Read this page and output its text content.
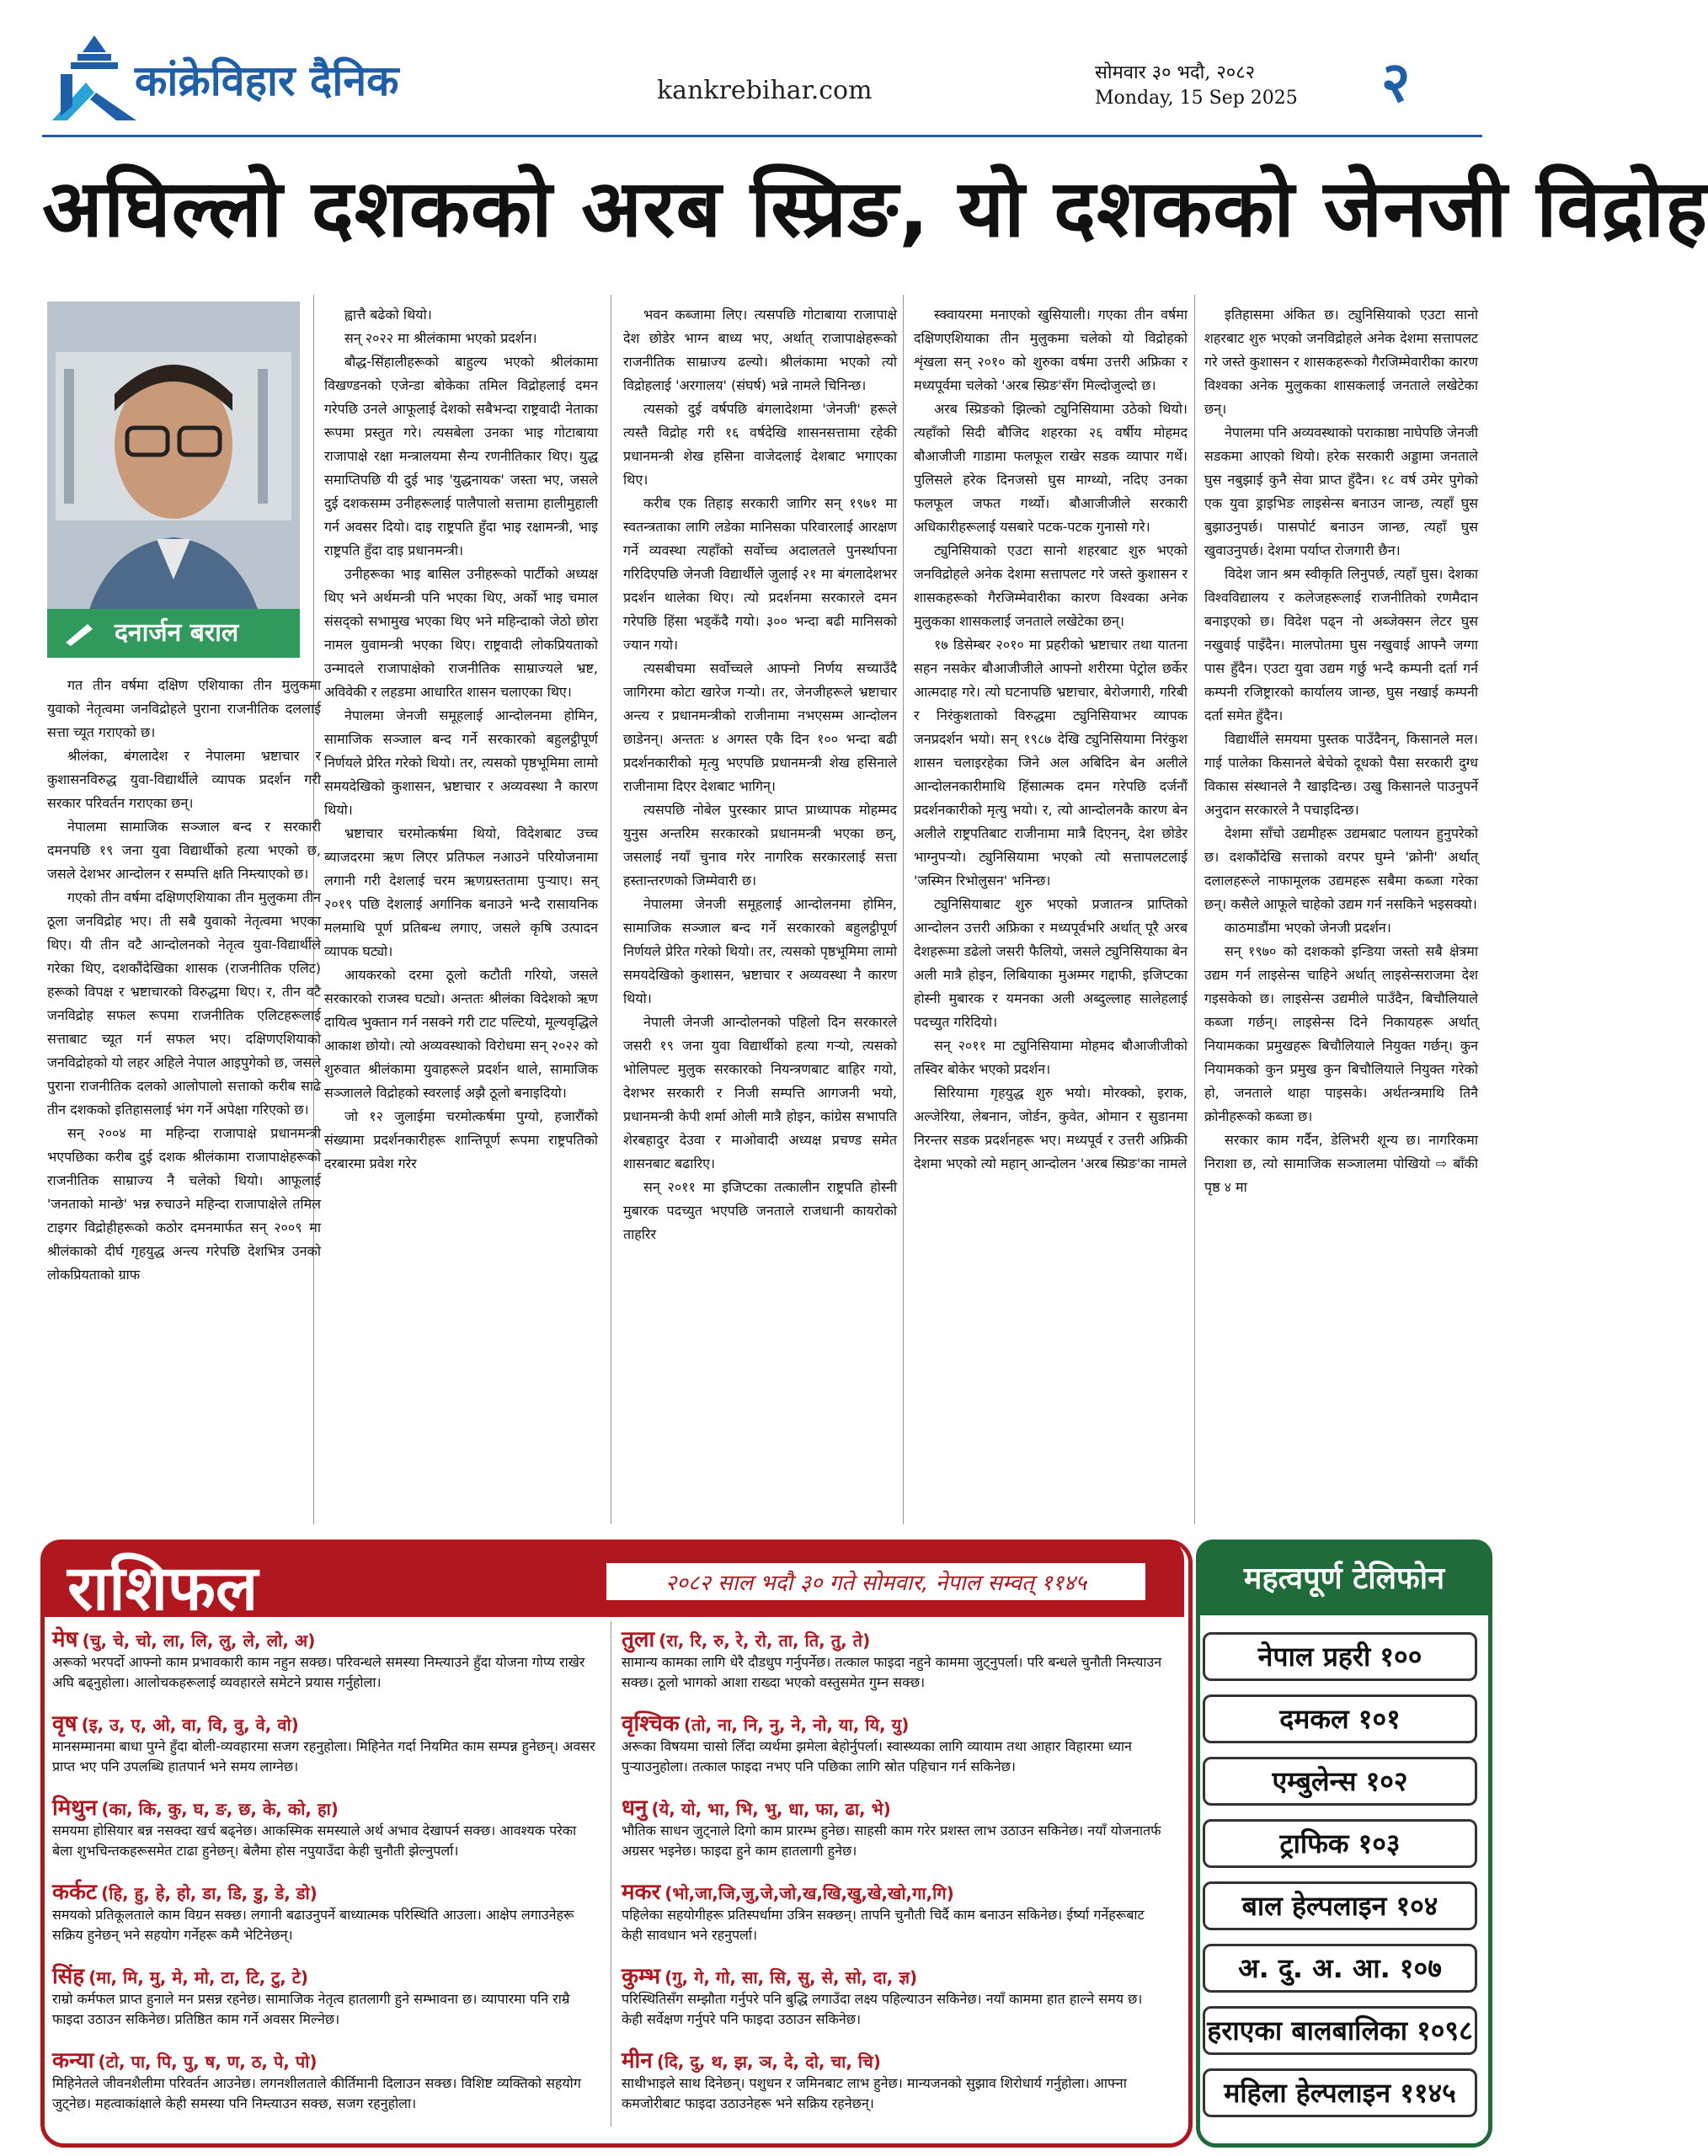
कांक्रेविहार दैनिक	kankrebihar.com
सोमवार ३० भदौ, २०८२
Monday, 15 Sep 2025 २
अघिल्लो दशकको अरब स्प्रिङ, यो दशकको जेनजी विद्रोह
दनार्जन बराल

गत तीन वर्षमा दक्षिण एशियाका तीन मुलुकमा युवाको नेतृत्वमा जनविद्रोहले पुराना राजनीतिक दललाई सत्ता च्यूत गराएको छ।

श्रीलंका, बंगलादेश र नेपालमा भ्रष्टाचार र कुशासनविरुद्ध युवा-विद्यार्थीले व्यापक प्रदर्शन गरी सरकार परिवर्तन गराएका छन्।

नेपालमा सामाजिक सञ्जाल बन्द र सरकारी दमनपछि १९ जना युवा विद्यार्थीको हत्या भएको छ, जसले देशभर आन्दोलन र सम्पत्ति क्षति निम्त्याएको छ।

गएको तीन वर्षमा दक्षिणएशियाका तीन मुलुकमा तीन ठूला जनविद्रोह भए। ती सबै युवाको नेतृत्वमा भएका थिए। यी तीन वटै आन्दोलनको नेतृत्व युवा-विद्यार्थीले गरेका थिए, दशकौंदेखिका शासक (राजनीतिक एलिट) हरूको विपक्ष र भ्रष्टाचारको विरुद्धमा थिए। र, तीन वटै जनविद्रोह सफल रूपमा राजनीतिक एलिटहरूलाई सत्ताबाट च्यूत गर्न सफल भए। दक्षिणएशियाको जनविद्रोहको यो लहर अहिले नेपाल आइपुगेको छ, जसले पुराना राजनीतिक दलको आलोपालो सत्ताको करीब साढे तीन दशकको इतिहासलाई भंग गर्ने अपेक्षा गरिएको छ।

सन् २००४ मा महिन्दा राजापाक्षे प्रधानमन्त्री भएपछिका करीब दुई दशक श्रीलंकामा राजापाक्षेहरूको राजनीतिक साम्राज्य नै चलेको थियो। आफूलाई 'जनताको मान्छे' भन्न रुचाउने महिन्दा राजापाक्षेले तमिल टाइगर विद्रोहीहरूको कठोर दमनमार्फत सन् २००९ मा श्रीलंकाको दीर्घ गृहयुद्ध अन्त्य गरेपछि देशभित्र उनको लोकप्रियताको ग्राफ

ह्वात्तै बढेको थियो।

सन् २०२२ मा श्रीलंकामा भएको प्रदर्शन।

बौद्ध-सिंहालीहरूको बाहुल्य भएको श्रीलंकामा विखण्डनको एजेन्डा बोकेका तमिल विद्रोहलाई दमन गरेपछि उनले आफूलाई देशको सबैभन्दा राष्ट्रवादी नेताका रूपमा प्रस्तुत गरे। त्यसबेला उनका भाइ गोटाबाया राजापाक्षे रक्षा मन्त्रालयमा सैन्य रणनीतिकार थिए। युद्ध समाप्तिपछि यी दुई भाइ 'युद्धनायक' जस्ता भए, जसले दुई दशकसम्म उनीहरूलाई पालैपालो सत्तामा हालीमुहाली गर्न अवसर दियो। दाइ राष्ट्रपति हुँदा भाइ रक्षामन्त्री, भाइ राष्ट्रपति हुँदा दाइ प्रधानमन्त्री।

उनीहरूका भाइ बासिल उनीहरूको पार्टीको अध्यक्ष थिए भने अर्थमन्त्री पनि भएका थिए, अर्को भाइ चमाल संसद्को सभामुख भएका थिए भने महिन्दाको जेठो छोरा नामल युवामन्त्री भएका थिए। राष्ट्रवादी लोकप्रियताको उन्मादले राजापाक्षेको राजनीतिक साम्राज्यले भ्रष्ट, अविवेकी र लहडमा आधारित शासन चलाएका थिए।

नेपालमा जेनजी समूहलाई आन्दोलनमा होमिन, सामाजिक सञ्जाल बन्द गर्ने सरकारको बहुलट्ठीपूर्ण निर्णयले प्रेरित गरेको थियो। तर, त्यसको पृष्ठभूमिमा लामो समयदेखिको कुशासन, भ्रष्टाचार र अव्यवस्था नै कारण थियो।

भ्रष्टाचार चरमोत्कर्षमा थियो, विदेशबाट उच्च ब्याजदरमा ऋण लिएर प्रतिफल नआउने परियोजनामा लगानी गरी देशलाई चरम ऋणग्रस्ततामा पुऱ्याए। सन् २०१९ पछि देशलाई अर्गानिक बनाउने भन्दै रासायनिक मलमाथि पूर्ण प्रतिबन्ध लगाए, जसले कृषि उत्पादन व्यापक घट्यो।

आयकरको दरमा ठूलो कटौती गरियो, जसले सरकारको राजस्व घट्यो। अन्ततः श्रीलंका विदेशको ऋण दायित्व भुक्तान गर्न नसक्ने गरी टाट पल्टियो, मूल्यवृद्धिले आकाश छोयो। त्यो अव्यवस्थाको विरोधमा सन् २०२२ को शुरुवात श्रीलंकामा युवाहरूले प्रदर्शन थाले, सामाजिक सञ्जाललेे विद्रोहको स्वरलाई अझै ठूलो बनाइदियो।

जो १२ जुलाईमा चरमोत्कर्षमा पुग्यो, हजारौंको संख्यामा प्रदर्शनकारीहरू शान्तिपूर्ण रूपमा राष्ट्रपतिको दरबारमा प्रवेश गरेर

भवन कब्जामा लिए। त्यसपछि गोटाबाया राजापाक्षे देश छोडेर भाग्न बाध्य भए, अर्थात् राजापाक्षेहरूको राजनीतिक साम्राज्य ढल्यो। श्रीलंकामा भएको त्यो विद्रोहलाई 'अरगालय' (संघर्ष) भन्ने नामले चिनिन्छ।

त्यसको दुई वर्षपछि बंगलादेशमा 'जेनजी' हरूले त्यस्तै विद्रोह गरी १६ वर्षदेखि शासनसत्तामा रहेकी प्रधानमन्त्री शेख हसिना वाजेदलाई देशबाट भगाएका थिए।

करीब एक तिहाइ सरकारी जागिर सन् १९७१ मा स्वतन्त्रताका लागि लडेका मानिसका परिवारलाई आरक्षण गर्ने व्यवस्था त्यहाँको सर्वोच्च अदालतले पुनर्स्थापना गरिदिएपछि जेनजी विद्यार्थीले जुलाई २१ मा बंगलादेशभर प्रदर्शन थालेका थिए। त्यो प्रदर्शनमा सरकारले दमन गरेपछि हिंसा भड्कँदै गयो। ३०० भन्दा बढी मानिसको ज्यान गयो।

त्यसबीचमा सर्वोच्चले आफ्नो निर्णय सच्याउँदै जागिरमा कोटा खारेज गऱ्यो। तर, जेनजीहरूले भ्रष्टाचार अन्त्य र प्रधानमन्त्रीको राजीनामा नभएसम्म आन्दोलन छाडेनन्। अन्ततः ४ अगस्त एकै दिन १०० भन्दा बढी प्रदर्शनकारीको मृत्यु भएपछि प्रधानमन्त्री शेख हसिनाले राजीनामा दिएर देशबाट भागिन्।

त्यसपछि नोबेल पुरस्कार प्राप्त प्राध्यापक मोहम्मद युनुस अन्तरिम सरकारको प्रधानमन्त्री भएका छन्, जसलाई नयाँ चुनाव गरेर नागरिक सरकारलाई सत्ता हस्तान्तरणको जिम्मेवारी छ।

नेपालमा जेनजी समूहलाई आन्दोलनमा होमिन, सामाजिक सञ्जाल बन्द गर्ने सरकारको बहुलट्ठीपूर्ण निर्णयले प्रेरित गरेको थियो। तर, त्यसको पृष्ठभूमिमा लामो समयदेखिको कुशासन, भ्रष्टाचार र अव्यवस्था नै कारण थियो।

नेपाली जेनजी आन्दोलनको पहिलो दिन सरकारले जसरी १९ जना युवा विद्यार्थीको हत्या गऱ्यो, त्यसको भोलिपल्ट मुलुक सरकारको नियन्त्रणबाट बाहिर गयो, देशभर सरकारी र निजी सम्पत्ति आगजनी भयो, प्रधानमन्त्री केपी शर्मा ओली मात्रै होइन, कांग्रेस सभापति शेरबहादुर देउवा र माओवादी अध्यक्ष प्रचण्ड समेत शासनबाट बढारिए।

सन् २०११ मा इजिप्टका तत्कालीन राष्ट्रपति होस्नी मुबारक पदच्युत भएपछि जनताले राजधानी कायरोको ताहरिर

स्क्वायरमा मनाएको खुसियाली। गएका तीन वर्षमा दक्षिणएशियाका तीन मुलुकमा चलेको यो विद्रोहको शृंखला सन् २०१० को शुरुका वर्षमा उत्तरी अफ्रिका र मध्यपूर्वमा चलेको 'अरब स्प्रिङ'सँग मिल्दोजुल्दो छ।

अरब स्प्रिङको झिल्को ट्युनिसियामा उठेको थियो। त्यहाँको सिदी बौजिद शहरका २६ वर्षीय मोहमद बौआजीजी गाडामा फलफूल राखेर सडक व्यापार गर्थे। पुलिसले हरेक दिनजसो घुस माग्थ्यो, नदिए उनका फलफूल जफत गर्थ्यो। बौआजीजीले सरकारी अधिकारीहरूलाई यसबारे पटक-पटक गुनासो गरे।

ट्युनिसियाको एउटा सानो शहरबाट शुरु भएको जनविद्रोहले अनेक देशमा सत्तापलट गरे जस्ते कुशासन र शासकहरूको गैरजिम्मेवारीका कारण विश्वका अनेक मुलुकका शासकलाई जनताले लखेटेका छन्।

१७ डिसेम्बर २०१० मा प्रहरीको भ्रष्टाचार तथा यातना सहन नसकेर बौआजीजीले आफ्नो शरीरमा पेट्रोल छर्केर आत्मदाह गरे। त्यो घटनापछि भ्रष्टाचार, बेरोजगारी, गरिबी र निरंकुशताको विरुद्धमा ट्युनिसियाभर व्यापक जनप्रदर्शन भयो। सन् १९८७ देखि ट्युनिसियामा निरंकुश शासन चलाइरहेका जिने अल अबिदिन बेन अलीले आन्दोलनकारीमाथि हिंसात्मक दमन गरेपछि दर्जनौं प्रदर्शनकारीको मृत्यु भयो। र, त्यो आन्दोलनकै कारण बेन अलीले राष्ट्रपतिबाट राजीनामा मात्रै दिएनन्, देश छोडेर भाग्नुपऱ्यो। ट्युनिसियामा भएको त्यो सत्तापलटलाई 'जस्मिन रिभोलुसन' भनिन्छ।

ट्युनिसियाबाट शुरु भएको प्रजातन्त्र प्राप्तिको आन्दोलन उत्तरी अफ्रिका र मध्यपूर्वभरि अर्थात् पूरै अरब देशहरूमा डढेलो जसरी फैलियो, जसले ट्युनिसियाका बेन अली मात्रै होइन, लिबियाका मुअम्मर गद्दाफी, इजिप्टका होस्नी मुबारक र यमनका अली अब्दुल्लाह सालेहलाई पदच्युत गरिदियो।

सन् २०११ मा ट्युनिसियामा मोहमद बौआजीजीको तस्विर बोकेर भएको प्रदर्शन।

सिरियामा गृहयुद्ध शुरु भयो। मोरक्को, इराक, अल्जेरिया, लेबनान, जोर्डन, कुवेत, ओमान र सुडानमा निरन्तर सडक प्रदर्शनहरू भए। मध्यपूर्व र उत्तरी अफ्रिकी देशमा भएको त्यो महान् आन्दोलन 'अरब स्प्रिङ'का नामले

इतिहासमा अंकित छ। ट्युनिसियाको एउटा सानो शहरबाट शुरु भएको जनविद्रोहले अनेक देशमा सत्तापलट गरे जस्ते कुशासन र शासकहरूको गैरजिम्मेवारीका कारण विश्वका अनेक मुलुकका शासकलाई जनताले लखेटेका छन्।

नेपालमा पनि अव्यवस्थाको पराकाष्ठा नाघेपछि जेनजी सडकमा आएको थियो। हरेक सरकारी अड्डामा जनताले घुस नबुझाई कुनै सेवा प्राप्त हुँदैन। १८ वर्ष उमेर पुगेको एक युवा ड्राइभिङ लाइसेन्स बनाउन जान्छ, त्यहाँ घुस बुझाउनुपर्छ। पासपोर्ट बनाउन जान्छ, त्यहाँ घुस खुवाउनुपर्छ। देशमा पर्याप्त रोजगारी छैन।

विदेश जान श्रम स्वीकृति लिनुपर्छ, त्यहाँ घुस। देशका विश्वविद्यालय र कलेजहरूलाई राजनीतिको रणमैदान बनाइएको छ। विदेश पढ्न नो अब्जेक्सन लेटर घुस नखुवाई पाइँदैन। मालपोतमा घुस नखुवाई आफ्नै जग्गा पास हुँदैन। एउटा युवा उद्यम गर्छु भन्दै कम्पनी दर्ता गर्न कम्पनी रजिष्ट्रारको कार्यालय जान्छ, घुस नखाई कम्पनी दर्ता समेत हुँदैन।

विद्यार्थीले समयमा पुस्तक पाउँदैनन्, किसानले मल। गाई पालेका किसानले बेचेको दूधको पैसा सरकारी दुग्ध विकास संस्थानले नै खाइदिन्छ। उखु किसानले पाउनुपर्ने अनुदान सरकारले नै पचाइदिन्छ।

देशमा साँचो उद्यमीहरू उद्यमबाट पलायन हुनुपरेको छ। दशकौंदेखि सत्ताको वरपर घुम्ने 'क्रोनी' अर्थात् दलालहरूले नाफामूलक उद्यमहरू सबैमा कब्जा गरेका छन्। कसैले आफूले चाहेको उद्यम गर्न नसकिने भइसक्यो।

काठमाडौंमा भएको जेनजी प्रदर्शन।

सन् १९७० को दशकको इन्डिया जस्तो सबै क्षेत्रमा उद्यम गर्न लाइसेन्स चाहिने अर्थात् लाइसेन्सराजमा देश गइसकेको छ। लाइसेन्स उद्यमीले पाउँदैन, बिचौलियाले कब्जा गर्छन्। लाइसेन्स दिने निकायहरू अर्थात् नियामकका प्रमुखहरू बिचौलियाले नियुक्त गर्छन्। कुन नियामकको कुन प्रमुख कुन बिचौलियाले नियुक्त गरेको हो, जनताले थाहा पाइसके। अर्थतन्त्रमाथि तिनै क्रोनीहरूको कब्जा छ।

सरकार काम गर्दैन, डेलिभरी शून्य छ। नागरिकमा निराशा छ, त्यो सामाजिक सञ्जालमा पोखियो ⇨ बाँकी पृष्ठ ४ मा

राशिफल	२०८२ साल भदौ ३० गते सोमवार, नेपाल सम्वत् ११४५
मेष (चु, चे, चो, ला, लि, लु, ले, लो, अ)
अरूको भरपर्दो आफ्नो काम प्रभावकारी काम नहुन सक्छ। परिवन्धले समस्या निम्त्याउने हुँदा योजना गोप्य राखेर अघि बढ्नुहोला। आलोचकहरूलाई व्यवहारले समेटने प्रयास गर्नुहोला।
वृष (इ, उ, ए, ओ, वा, वि, वु, वे, वो)
मानसम्मानमा बाधा पुग्ने हुँदा बोली-व्यवहारमा सजग रहनुहोला। मिहिनेत गर्दा नियमित काम सम्पन्न हुनेछन्। अवसर प्राप्त भए पनि उपलब्धि हातपार्न भने समय लाग्नेछ।
मिथुन (का, कि, कु, घ, ङ, छ, के, को, हा)
समयमा होसियार बन्न नसक्दा खर्च बढ्नेछ। आकस्मिक समस्याले अर्थ अभाव देखापर्न सक्छ। आवश्यक परेका बेला शुभचिन्तकहरूसमेत टाढा हुनेछन्। बेलैमा होस नपुयाउँदा केही चुनौती झेल्नुपर्ला।
कर्कट (हि, हु, हे, हो, डा, डि, डु, डे, डो)
समयको प्रतिकूलताले काम विग्रन सक्छ। लगानी बढाउनुपर्ने बाध्यात्मक परिस्थिति आउला। आक्षेप लगाउनेहरू सक्रिय हुनेछन् भने सहयोग गर्नेहरू कमै भेटिनेछन्।
सिंह (मा, मि, मु, मे, मो, टा, टि, टु, टे)
राम्रो कर्मफल प्राप्त हुनाले मन प्रसन्न रहनेछ। सामाजिक नेतृत्व हातलागी हुने सम्भावना छ। व्यापारमा पनि राम्रै फाइदा उठाउन सकिनेछ। प्रतिष्ठित काम गर्ने अवसर मिल्नेछ।
कन्या (टो, पा, पि, पु, ष, ण, ठ, पे, पो)
मिहिनेतले जीवनशैलीमा परिवर्तन आउनेछ। लगनशीलताले कीर्तिमानी दिलाउन सक्छ। विशिष्ट व्यक्तिको सहयोग जुट्नेछ। महत्वाकांक्षाले केही समस्या पनि निम्त्याउन सक्छ, सजग रहनुहोला।
तुला (रा, रि, रु, रे, रो, ता, ति, तु, ते)
सामान्य कामका लागि धेरै दौडधुप गर्नुपर्नेछ। तत्काल फाइदा नहुने काममा जुट्नुपर्ला। परि बन्धले चुनौती निम्त्याउन सक्छ। ठूलो भागको आशा राख्दा भएको वस्तुसमेत गुम्न सक्छ।
वृश्चिक (तो, ना, नि, नु, ने, नो, या, यि, यु)
अरूका विषयमा चासो लिँदा व्यर्थमा झमेला बेहोर्नुपर्ला। स्वास्थ्यका लागि व्यायाम तथा आहार विहारमा ध्यान पुऱ्याउनुहोला। तत्काल फाइदा नभए पनि पछिका लागि स्रोत पहिचान गर्न सकिनेछ।
धनु (ये, यो, भा, भि, भु, धा, फा, ढा, भे)
भौतिक साधन जुट्नाले दिगो काम प्रारम्भ हुनेछ। साहसी काम गरेर प्रशस्त लाभ उठाउन सकिनेछ। नयाँ योजनातर्फ अग्रसर भइनेछ। फाइदा हुने काम हातलागी हुनेछ।
मकर (भो,जा,जि,जु,जे,जो,ख,खि,खु,खे,खो,गा,गि)
पहिलेका सहयोगीहरू प्रतिस्पर्धामा उत्रिन सक्छन्। तापनि चुनौती चिर्दै काम बनाउन सकिनेछ। ईर्ष्या गर्नेहरूबाट केही सावधान भने रहनुपर्ला।
कुम्भ (गु, गे, गो, सा, सि, सु, से, सो, दा, ज्ञ)
परिस्थितिसँग सम्झौता गर्नुपरे पनि बुद्धि लगाउँदा लक्ष्य पहिल्याउन सकिनेछ। नयाँ काममा हात हाल्ने समय छ। केही सर्वेक्षण गर्नुपरे पनि फाइदा उठाउन सकिनेछ।
मीन (दि, दु, थ, झ, ञ, दे, दो, चा, चि)
साथीभाइले साथ दिनेछन्। पशुधन र जमिनबाट लाभ हुनेछ। मान्यजनको सुझाव शिरोधार्य गर्नुहोला। आफ्ना कमजोरीबाट फाइदा उठाउनेहरू भने सक्रिय रहनेछन्।
महत्वपूर्ण टेलिफोन
नेपाल प्रहरी १००
दमकल १०१
एम्बुलेन्स १०२
ट्राफिक १०३
बाल हेल्पलाइन १०४
अ. दु. अ. आ. १०७
हराएका बालबालिका १०९८
महिला हेल्पलाइन ११४५
